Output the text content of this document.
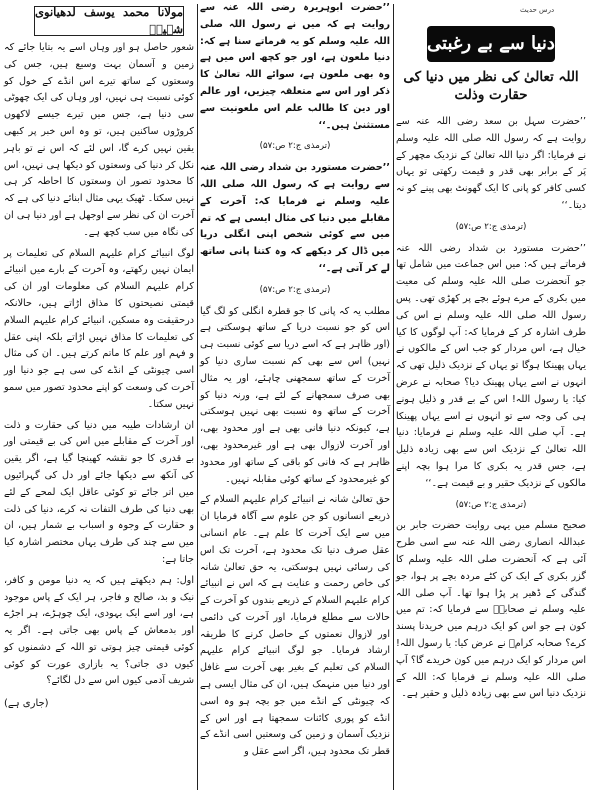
درس حدیث
دنیا سے بے رغبتی
اللہ تعالیٰ کی نظر میں دنیا کی حقارت وذلت

’’حضرت سہل بن سعد رضی اللہ عنہ سے روایت ہے کہ رسول اللہ صلی اللہ علیہ وسلم نے فرمایا: اگر دنیا اللہ تعالیٰ کے نزدیک مچھر کے پَر کے برابر بھی قدر و قیمت رکھتی تو یہاں کسی کافر کو پانی کا ایک گھونٹ بھی پینے کو نہ دیتا۔‘‘

(ترمذی ج:۲ ص:۵۷)

’’حضرت مستورد بن شداد رضی اللہ عنہ فرماتے ہیں کہ: میں اس جماعت میں شامل تھا جو آنحضرت صلی اللہ علیہ وسلم کی معیت میں بکری کے مرے ہوئے بچے پر کھڑی تھی۔ پس رسول اللہ صلی اللہ علیہ وسلم نے اس کی طرف اشارہ کر کے فرمایا کہ: آپ لوگوں کا کیا خیال ہے، اس مردار کو جب اس کے مالکوں نے یہاں پھینکا ہوگا تو یہاں کے نزدیک ذلیل تھی کہ انہوں نے اسے یہاں پھینک دیا؟ صحابہ نے عرض کیا: یا رسول اللہ! اس کے بے قدر و ذلیل ہونے ہی کی وجہ سے تو انہوں نے اسے یہاں پھینکا ہے۔ آپ صلی اللہ علیہ وسلم نے فرمایا: دنیا اللہ تعالیٰ کے نزدیک اس سے بھی زیادہ ذلیل ہے، جس قدر یہ بکری کا مرا ہوا بچہ اپنے مالکوں کے نزدیک حقیر و بے قیمت ہے۔‘‘

(ترمذی ج:۲ ص:۵۷)

صحیح مسلم میں یہی روایت حضرت جابر بن عبداللہ انصاری رضی اللہ عنہ سے اسی طرح آئی ہے کہ آنحضرت صلی اللہ علیہ وسلم کا گزر بکری کے ایک کن کٹے مردہ بچے پر ہوا، جو گندگی کے ڈھیر پر پڑا ہوا تھا۔ آپ صلی اللہ علیہ وسلم نے صحابہؓ سے فرمایا کہ: تم میں کون ہے جو اس کو ایک درہم میں خریدنا پسند کرے؟ صحابہ کرامؓ نے عرض کیا: یا رسول اللہ! اس مردار کو ایک درہم میں کون خریدے گا؟ آپ صلی اللہ علیہ وسلم نے فرمایا کہ: اللہ کے نزدیک دنیا اس سے بھی زیادہ ذلیل و حقیر ہے۔

’’حضرت ابوہریرہ رضی اللہ عنہ سے روایت ہے کہ میں نے رسول اللہ صلی اللہ علیہ وسلم کو یہ فرماتے سنا ہے کہ: دنیا ملعون ہے، اور جو کچھ اس میں ہے وہ بھی ملعون ہے، سوائے اللہ تعالیٰ کا ذکر اور اس سے متعلقہ چیزیں، اور عالم اور دین کا طالب علم اس ملعونیت سے مستثنیٰ ہیں۔‘‘

(ترمذی ج:۲ ص:۵۷)

’’حضرت مستورد بن شداد رضی اللہ عنہ سے روایت ہے کہ رسول اللہ صلی اللہ علیہ وسلم نے فرمایا کہ: آخرت کے مقابلے میں دنیا کی مثال ایسی ہے کہ تم میں سے کوئی شخص اپنی انگلی دریا میں ڈال کر دیکھے کہ وہ کتنا پانی ساتھ لے کر آتی ہے۔‘‘

(ترمذی ج:۲ ص:۵۷)

مطلب یہ کہ پانی کا جو قطرہ انگلی کو لگ گیا اس کو جو نسبت دریا کے ساتھ ہوسکتی ہے (اور ظاہر ہے کہ اسے دریا سے کوئی نسبت ہی نہیں) اس سے بھی کم نسبت ساری دنیا کو آخرت کے ساتھ سمجھنی چاہئے، اور یہ مثال بھی صرف سمجھانے کے لئے ہے، ورنہ دنیا کو آخرت کے ساتھ وہ نسبت بھی نہیں ہوسکتی ہے، کیونکہ دنیا فانی بھی ہے اور محدود بھی، اور آخرت لازوال بھی ہے اور غیرمحدود بھی، ظاہر ہے کہ فانی کو باقی کے ساتھ اور محدود کو غیرمحدود کے ساتھ کوئی مقابلہ نہیں۔

حق تعالیٰ شانہ نے انبیائے کرام علیہم السلام کے ذریعے انسانوں کو جن علوم سے آگاہ فرمایا ان میں سے ایک آخرت کا علم ہے۔ عام انسانی عقل صرف دنیا تک محدود ہے، آخرت تک اس کی رسائی نہیں ہوسکتی، یہ حق تعالیٰ شانہ کی خاص رحمت و عنایت ہے کہ اس نے انبیائے کرام علیہم السلام کے ذریعے بندوں کو آخرت کے حالات سے مطلع فرمایا، اور آخرت کی دائمی اور لازوال نعمتوں کے حاصل کرنے کا طریقہ ارشاد فرمایا۔ جو لوگ انبیائے کرام علیہم السلام کی تعلیم کے بغیر بھی آخرت سے غافل اور دنیا میں منہمک ہیں، ان کی مثال ایسی ہے کہ چیونٹی کے انڈے میں جو بچہ ہو وہ اسی انڈے کو پوری کائنات سمجھتا ہے اور اس کے نزدیک آسمان و زمین کی وسعتیں اسی انڈے کے قطر تک محدود ہیں، اگر اسے عقل و

مولانا محمد یوسف لدھیانوی شہیدؒ

شعور حاصل ہو اور وہاں اسے یہ بتایا جائے کہ زمین و آسمان بہت وسیع ہیں، جس کی وسعتوں کے ساتھ تیرے اس انڈے کے خول کو کوئی نسبت ہی نہیں، اور وہاں کی ایک چھوٹی سی دنیا ہے، جس میں تیرے جیسے لاکھوں کروڑوں ساکنین ہیں، تو وہ اس خبر پر کبھی یقین نہیں کرے گا، اس لئے کہ اس نے تو باہر نکل کر دنیا کی وسعتوں کو دیکھا ہی نہیں، اس کا محدود تصور ان وسعتوں کا احاطہ کر ہی نہیں سکتا۔ ٹھیک یہی مثال ابنائے دنیا کی ہے کہ آخرت ان کی نظر سے اوجھل ہے اور دنیا ہی ان کی نگاہ میں سب کچھ ہے۔

لوگ انبیائے کرام علیہم السلام کی تعلیمات پر ایمان نہیں رکھتے، وہ آخرت کے بارے میں انبیائے کرام علیہم السلام کی معلومات اور ان کی قیمتی نصیحتوں کا مذاق اڑاتے ہیں، حالانکہ درحقیقت وہ مسکین، انبیائے کرام علیہم السلام کی تعلیمات کا مذاق نہیں اڑاتے بلکہ اپنی عقل و فہم اور علم کا ماتم کرتے ہیں۔ ان کی مثال اسی چیونٹی کے انڈے کی سی ہے جو دنیا اور آخرت کی وسعت کو اپنے محدود تصور میں سمو نہیں سکتا۔

ان ارشادات طیبہ میں دنیا کی حقارت و ذلت اور آخرت کے مقابلے میں اس کی بے قیمتی اور بے قدری کا جو نقشہ کھینچا گیا ہے، اگر یقین کی آنکھ سے دیکھا جائے اور دل کی گہرائیوں میں اتر جائے تو کوئی عاقل ایک لمحے کے لئے بھی دنیا کی طرف التفات نہ کرے، دنیا کی ذلت و حقارت کے وجوہ و اسباب بے شمار ہیں، ان میں سے چند کی طرف یہاں مختصر اشارہ کیا جاتا ہے:

اول: ہم دیکھتے ہیں کہ یہ دنیا مومن و کافر، نیک و بد، صالح و فاجر، ہر ایک کے پاس موجود ہے، اور اسے ایک یہودی، ایک چوہڑے، ہر اجڑے اور بدمعاش کے پاس بھی جاتی ہے۔ اگر یہ کوئی قیمتی چیز ہوتی تو اللہ کے دشمنوں کو کیوں دی جاتی؟ یہ بازاری عورت کو کوئی شریف آدمی کیوں اس سے دل لگائے؟

(جاری ہے)
